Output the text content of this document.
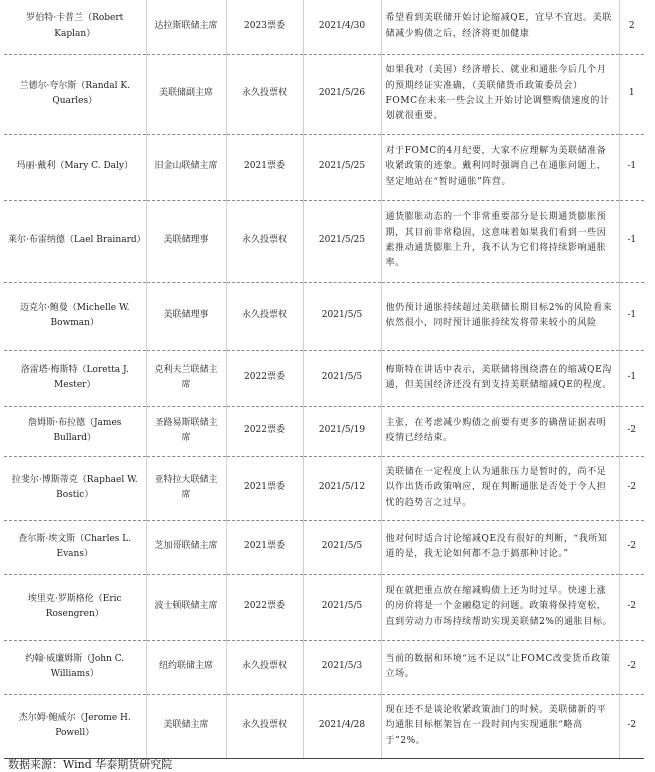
罗伯特·卡普兰（Robert Kaplan）	达拉斯联储主席	2023票委	2021/4/30	希望看到美联储开始讨论缩减QE，宜早不宜迟。美联储减少购债之后，经济将更加健康	2
兰德尔·夸尔斯（Randal K. Quarles）	美联储副主席	永久投票权	2021/5/26	如果我对（美国）经济增长、就业和通胀今后几个月的预期经证实准确，（美联储货币政策委员会）FOMC在未来一些会议上开始讨论调整购债速度的计划就很重要。	1
玛丽·戴利（Mary C. Daly）	旧金山联储主席	2021票委	2021/5/25	对于FOMC的4月纪要，大家不应理解为美联储准备收紧政策的迹象。戴利同时强调自己在通胀问题上，坚定地站在“暂时通胀”阵营。	-1
莱尔·布雷纳德（Lael Brainard）	美联储理事	永久投票权	2021/5/25	通货膨胀动态的一个非常重要部分是长期通货膨胀预期，其目前非常稳固，这意味着如果我们看到一些因素推动通货膨胀上升，我不认为它们将持续影响通胀率。	-1
迈克尔·鲍曼（Michelle W. Bowman）	美联储理事	永久投票权	2021/5/5	他仍预计通胀持续超过美联储长期目标2%的风险看来依然很小，同时预计通胀持续发将带来较小的风险	-1
洛雷塔·梅斯特（Loretta J. Mester）	克利夫兰联储主席	2022票委	2021/5/5	梅斯特在讲话中表示，美联储将围绕潜在的缩减QE沟通，但美国经济还没有到支持美联储缩减QE的程度。	-1
詹姆斯·布拉德（James Bullard）	圣路易斯联储主席	2022票委	2021/5/19	主张，在考虑减少购债之前要有更多的确凿证据表明疫情已经结束。	-2
拉斐尔·博斯蒂克（Raphael W. Bostic）	亚特拉大联储主席	2021票委	2021/5/12	美联储在一定程度上认为通胀压力是暂时的，尚不足以作出货币政策响应，现在判断通胀是否处于令人担忧的趋势言之过早。	-2
查尔斯·埃文斯（Charles L. Evans）	芝加哥联储主席	2021票委	2021/5/5	他对何时适合讨论缩减QE没有很好的判断，“我所知道的是，我无论如何都不急于搞那种讨论。”	-2
埃里克·罗斯格伦（Eric Rosengren）	波士顿联储主席	2022票委	2021/5/5	现在就把重点放在缩减购债上还为时过早。快速上涨的房价将是一个金融稳定的问题。政策将保持宽松，直到劳动力市场持续帮助实现美联储2%的通胀目标。	-2
约翰·威廉姆斯（John C. Williams）	纽约联储主席	永久投票权	2021/5/3	当前的数据和环境“远不足以”让FOMC改变货币政策立场。	-2
杰尔姆·鲍威尔（Jerome H. Powell）	美联储主席	永久投票权	2021/4/28	现在还不是谈论收紧政策油门的时候。美联储新的平均通胀目标框架旨在一段时间内实现通胀“略高于”2%。	-2
数据来源：Wind 华泰期货研究院
